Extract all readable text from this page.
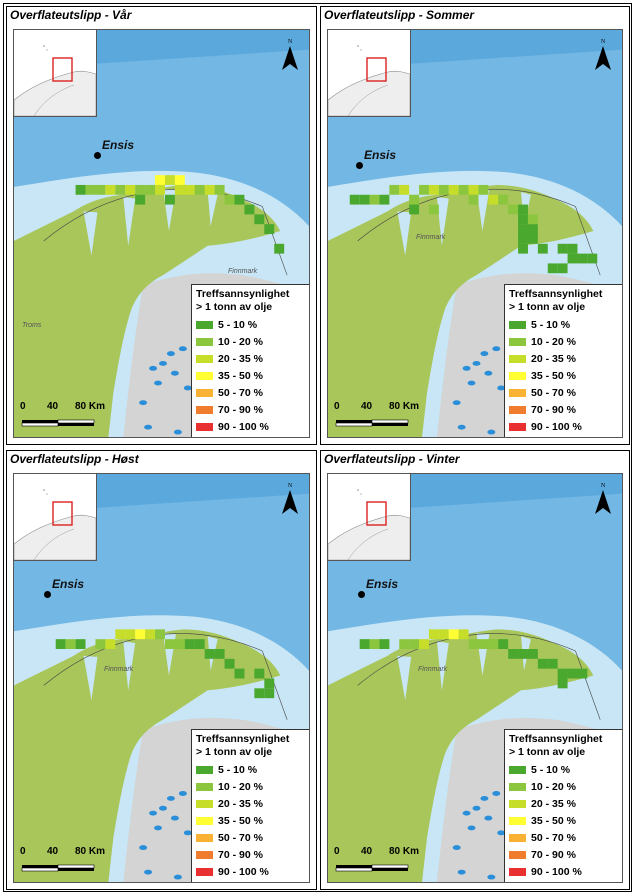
Overflateutslipp - Vår
N
Ensis
Finnmark
Troms
Treffsannsynlighet
> 1 tonn av olje
5 - 10 %
10 - 20 %
20 - 35 %
35 - 50 %
50 - 70 %
70 - 90 %
90 - 100 %
0 40 80 Km
Overflateutslipp - Sommer
N
Ensis
Finnmark
Treffsannsynlighet
> 1 tonn av olje
5 - 10 %
10 - 20 %
20 - 35 %
35 - 50 %
50 - 70 %
70 - 90 %
90 - 100 %
0 40 80 Km
Overflateutslipp - Høst
N
Ensis
Finnmark
Treffsannsynlighet
> 1 tonn av olje
5 - 10 %
10 - 20 %
20 - 35 %
35 - 50 %
50 - 70 %
70 - 90 %
90 - 100 %
0 40 80 Km
Overflateutslipp - Vinter
N
Ensis
Finnmark
Treffsannsynlighet
> 1 tonn av olje
5 - 10 %
10 - 20 %
20 - 35 %
35 - 50 %
50 - 70 %
70 - 90 %
90 - 100 %
0 40 80 Km
